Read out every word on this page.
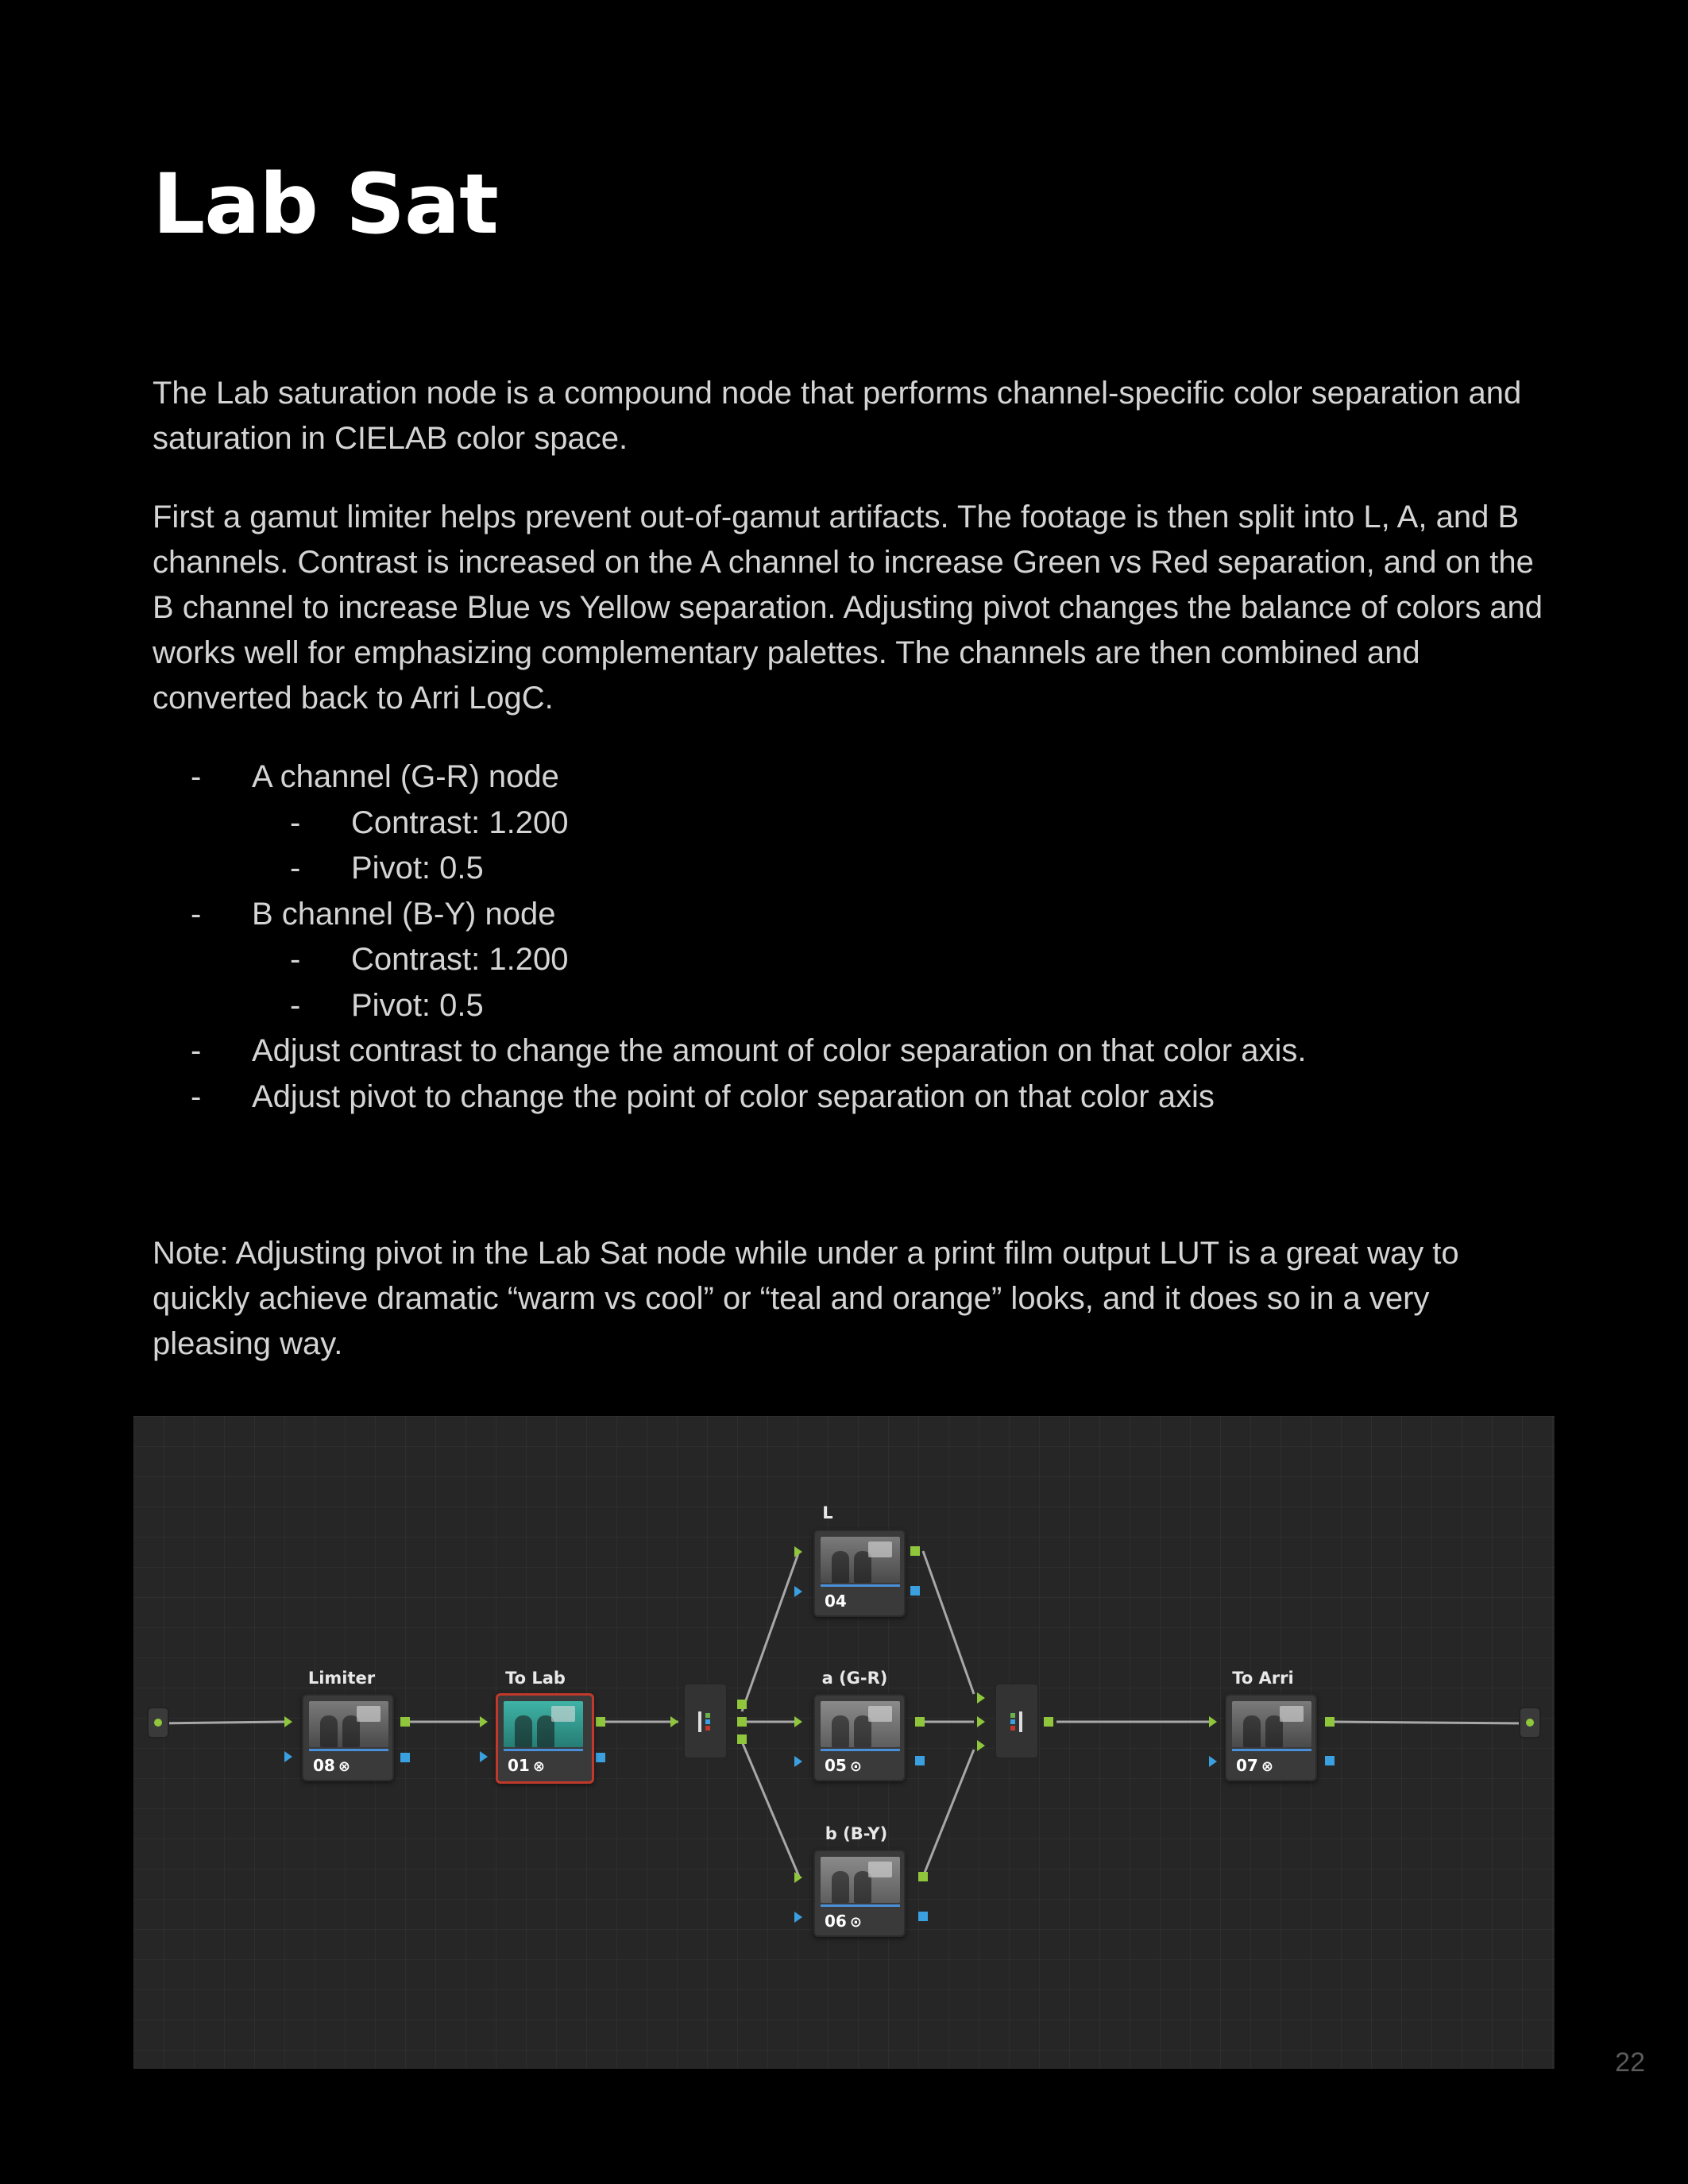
Lab Sat

The Lab saturation node is a compound node that performs channel-specific color separation and saturation in CIELAB color space.

First a gamut limiter helps prevent out-of-gamut artifacts. The footage is then split into L, A, and B channels. Contrast is increased on the A channel to increase Green vs Red separation, and on the B channel to increase Blue vs Yellow separation. Adjusting pivot changes the balance of colors and works well for emphasizing complementary palettes. The channels are then combined and converted back to Arri LogC.

- A channel (G-R) node
- Contrast: 1.200
- Pivot: 0.5
- B channel (B-Y) node
- Contrast: 1.200
- Pivot: 0.5
- Adjust contrast to change the amount of color separation on that color axis.
- Adjust pivot to change the point of color separation on that color axis

Note: Adjusting pivot in the Lab Sat node while under a print film output LUT is a great way to quickly achieve dramatic “warm vs cool” or “teal and orange” looks, and it does so in a very pleasing way.

Limiter
08 ⊗
To Lab
01 ⊗
L
04
a (G-R)
05 ⊙
b (B-Y)
06 ⊙
To Arri
07 ⊗
22
